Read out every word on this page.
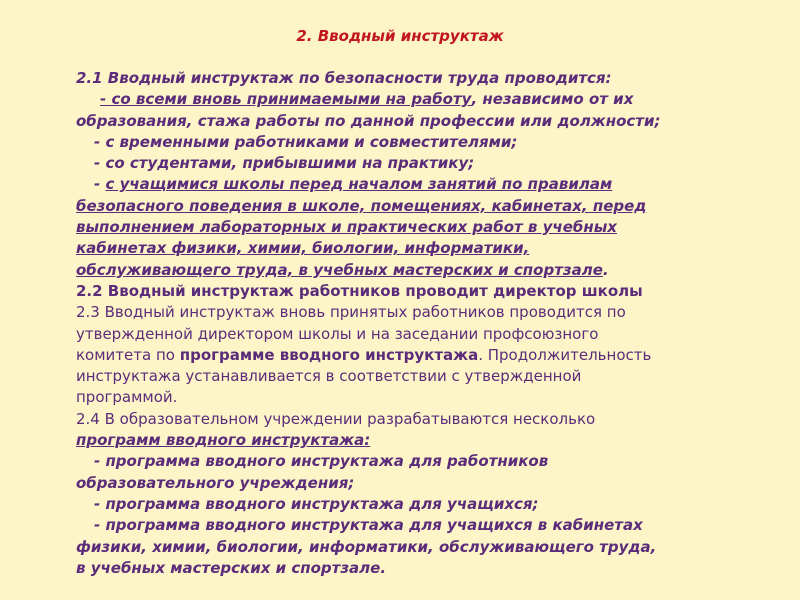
2. Вводный инструктаж

2.1 Вводный инструктаж по безопасности труда проводится:

- со всеми вновь принимаемыми на работу, независимо от их

образования, стажа работы по данной профессии или должности;

- с временными работниками и совместителями;

- со студентами, прибывшими на практику;

- с учащимися школы перед началом занятий по правилам

безопасного поведения в школе, помещениях, кабинетах, перед

выполнением лабораторных и практических работ в учебных

кабинетах физики, химии, биологии, информатики,

обслуживающего труда, в учебных мастерских и спортзале.

2.2 Вводный инструктаж работников проводит директор школы

2.3 Вводный инструктаж вновь принятых работников проводится по

утвержденной директором школы и на заседании профсоюзного

комитета по программе вводного инструктажа. Продолжительность

инструктажа устанавливается в соответствии с утвержденной

программой.

2.4 В образовательном учреждении разрабатываются несколько

программ вводного инструктажа:

- программа вводного инструктажа для работников

образовательного учреждения;

- программа вводного инструктажа для учащихся;

- программа вводного инструктажа для учащихся в кабинетах

физики, химии, биологии, информатики, обслуживающего труда,

в учебных мастерских и спортзале.
